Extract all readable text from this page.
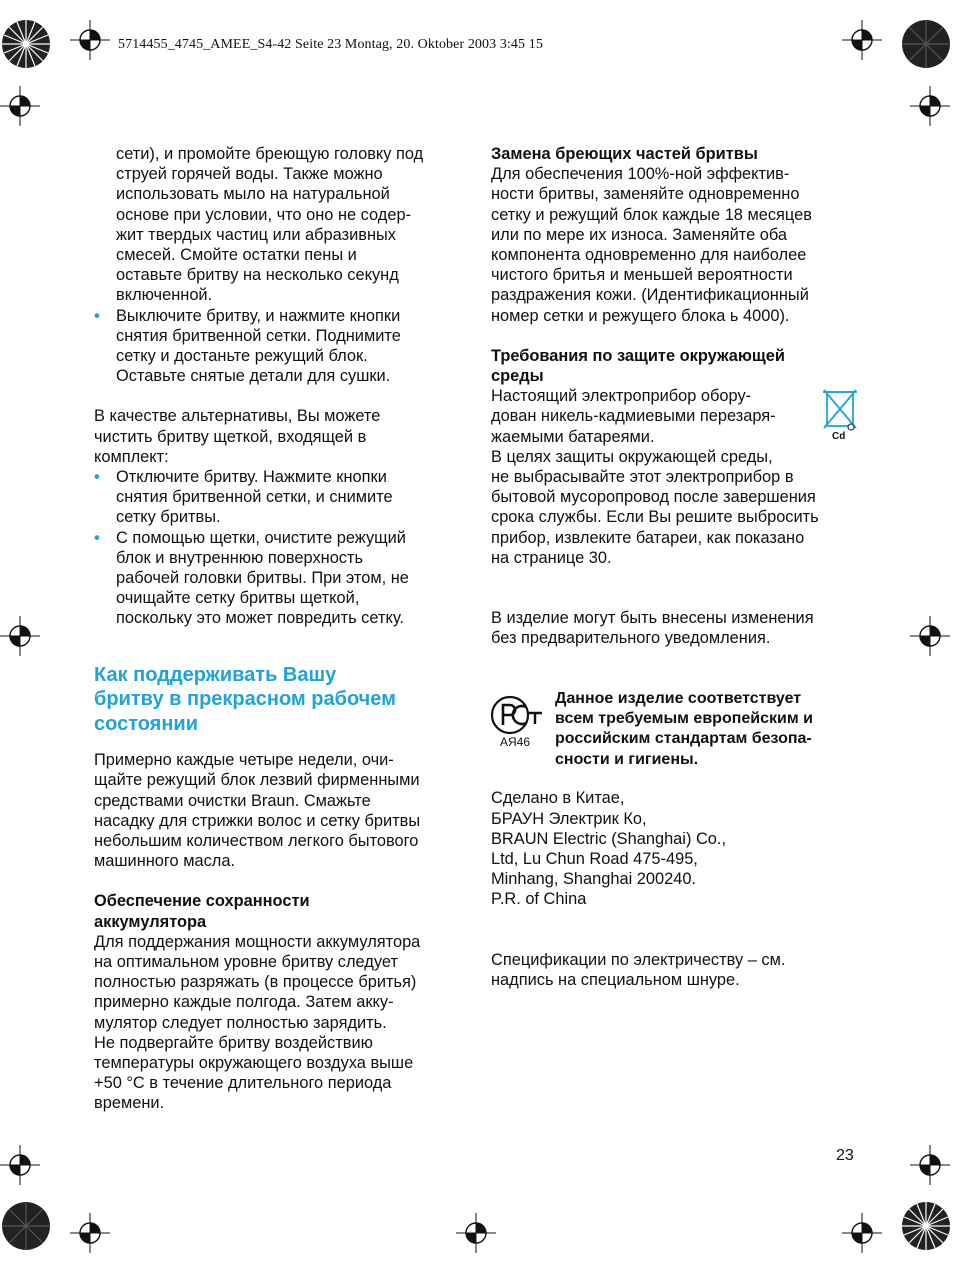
5714455_4745_AMEE_S4-42 Seite 23 Montag, 20. Oktober 2003 3:45 15
сети), и промойте бреющую головку под
струей горячей воды. Также можно
использовать мыло на натуральной
основе при условии, что оно не содер-
жит твердых частиц или абразивных
смесей. Смойте остатки пены и
оставьте бритву на несколько секунд
включенной.
• Выключите бритву, и нажмите кнопки
снятия бритвенной сетки. Поднимите
сетку и достаньте режущий блок.
Оставьте снятые детали для сушки.
В качестве альтернативы, Вы можете
чистить бритву щеткой, входящей в
комплект:
• Отключите бритву. Нажмите кнопки
снятия бритвенной сетки, и снимите
сетку бритвы.
• С помощью щетки, очистите режущий
блок и внутреннюю поверхность
рабочей головки бритвы. При этом, не
очищайте сетку бритвы щеткой,
поскольку это может повредить сетку.
Как поддерживать Вашу
бритву в прекрасном рабочем
состоянии
Примерно каждые четыре недели, очи-
щайте режущий блок лезвий фирменными
средствами очистки Braun. Смажьте
насадку для стрижки волос и сетку бритвы
небольшим количеством легкого бытового
машинного масла.
Обеспечение сохранности
аккумулятора
Для поддержания мощности аккумулятора
на оптимальном уровне бритву следует
полностью разряжать (в процессе бритья)
примерно каждые полгода. Затем акку-
мулятор следует полностью зарядить.
Не подвергайте бритву воздействию
температуры окружающего воздуха выше
+50 °C в течение длительного периода
времени.
Замена бреющих частей бритвы
Для обеспечения 100%-ной эффектив-
ности бритвы, заменяйте одновременно
сетку и режущий блок каждые 18 месяцев
или по мере их износа. Заменяйте оба
компонента одновременно для наиболее
чистого бритья и меньшей вероятности
раздражения кожи. (Идентификационный
номер сетки и режущего блока ь 4000).
Требования по защите окружающей
среды
Настоящий электроприбор обору-
дован никель-кадмиевыми перезаря-
жаемыми батареями.
В целях защиты окружающей среды,
не выбрасывайте этот электроприбор в
бытовой мусоропровод после завершения
срока службы. Если Вы решите выбросить
прибор, извлеките батареи, как показано
на странице 30.
В изделие могут быть внесены изменения
без предварительного уведомления.
Сделано в Китае,
БРАУН Электрик Ко,
BRAUN Electric (Shanghai) Co.,
Ltd, Lu Chun Road 475-495,
Minhang, Shanghai 200240.
P.R. of China
Спецификации по электричеству – см.
надпись на специальном шнуре.
Cd
АЯ46
Данное изделие соответствует
всем требуемым европейским и
российским стандартам безопа-
сности и гигиены.
23
